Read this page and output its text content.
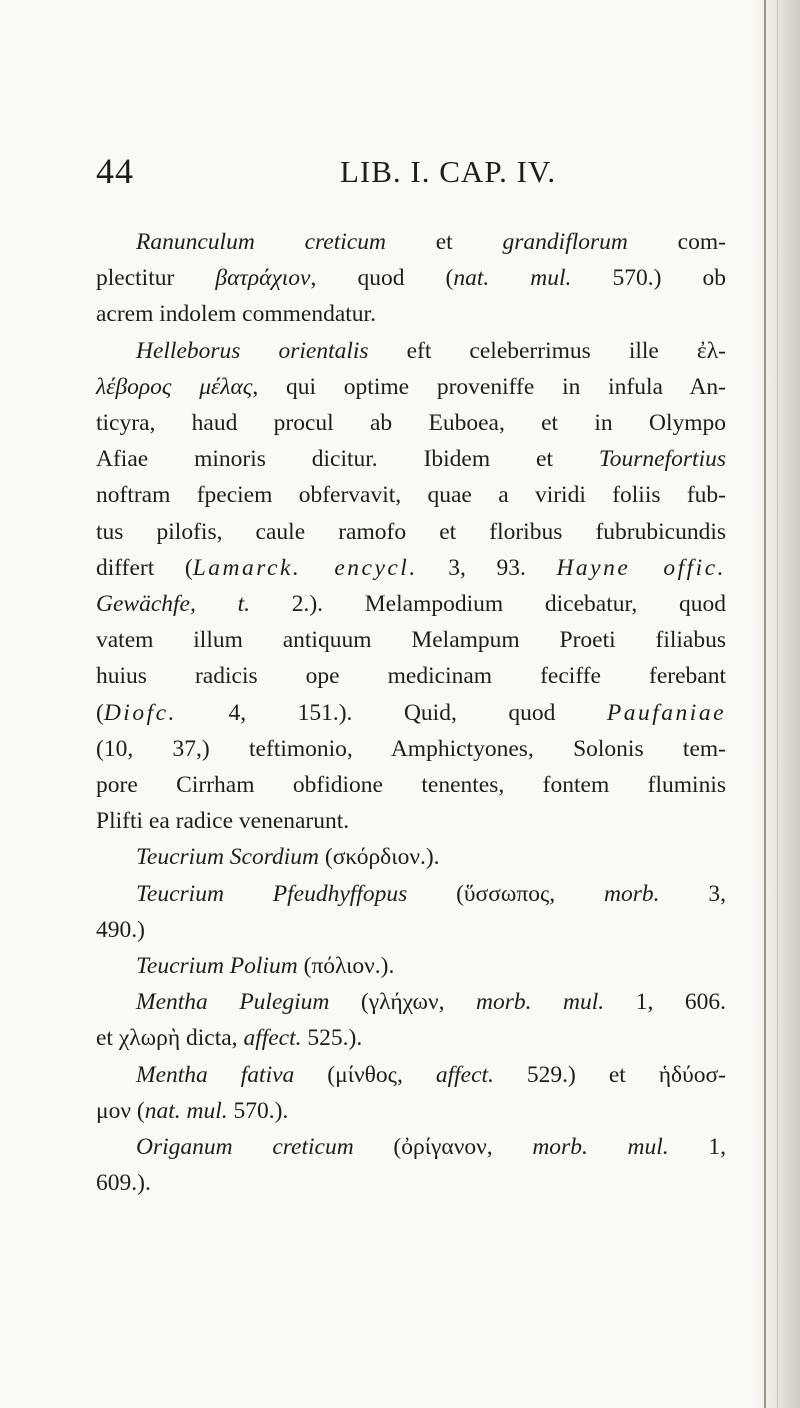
44	LIB. I. CAP. IV.
Ranunculum creticum et grandiflorum com-
plectitur βατράχιον, quod (nat. mul. 570.) ob
acrem indolem commendatur.
Helleborus orientalis eft celeberrimus ille ἐλ-
λέβορος μέλας, qui optime proveniffe in infula An-
ticyra, haud procul ab Euboea, et in Olympo
Afiae minoris dicitur. Ibidem et Tournefortius
noftram fpeciem obfervavit, quae a viridi foliis fub-
tus pilofis, caule ramofo et floribus fubrubicundis
differt (Lamarck. encycl. 3, 93. Hayne offic.
Gewächfe, t. 2.). Melampodium dicebatur, quod
vatem illum antiquum Melampum Proeti filiabus
huius radicis ope medicinam feciffe ferebant
(Diofc. 4, 151.). Quid, quod Paufaniae
(10, 37,) teftimonio, Amphictyones, Solonis tem-
pore Cirrham obfidione tenentes, fontem fluminis
Plifti ea radice venenarunt.
Teucrium Scordium (σκόρδιον.).
Teucrium Pfeudhyffopus (ὕσσωπος, morb. 3,
490.)
Teucrium Polium (πόλιον.).
Mentha Pulegium (γλήχων, morb. mul. 1, 606.
et χλωρὴ dicta, affect. 525.).
Mentha fativa (μίνθος, affect. 529.) et ἡδύοσ-
μον (nat. mul. 570.).
Origanum creticum (ὀρίγανον, morb. mul. 1,
609.).
